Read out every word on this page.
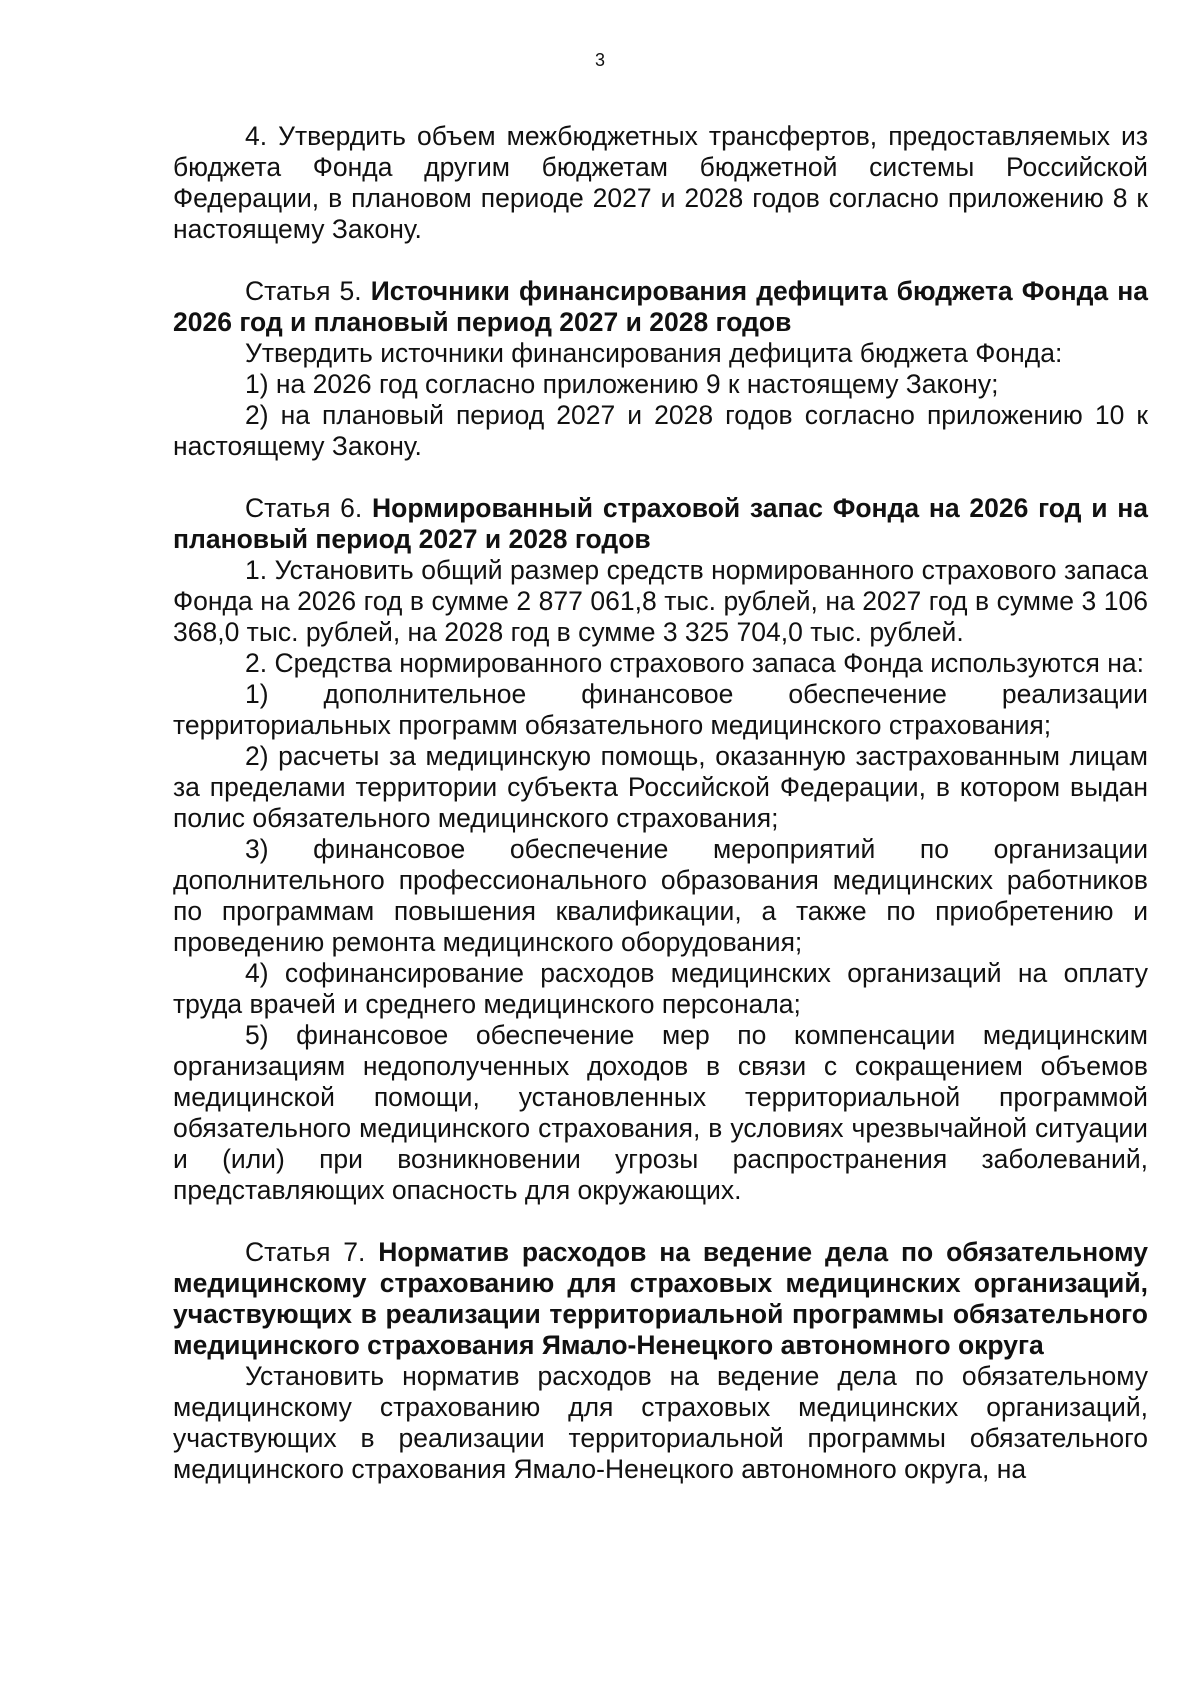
3

4. Утвердить объем межбюджетных трансфертов, предоставляемых из бюджета Фонда другим бюджетам бюджетной системы Российской Федерации, в плановом периоде 2027 и 2028 годов согласно приложению 8 к настоящему Закону.

Статья 5. Источники финансирования дефицита бюджета Фонда на 2026 год и плановый период 2027 и 2028 годов

Утвердить источники финансирования дефицита бюджета Фонда:

1) на 2026 год согласно приложению 9 к настоящему Закону;

2) на плановый период 2027 и 2028 годов согласно приложению 10 к настоящему Закону.

Статья 6. Нормированный страховой запас Фонда на 2026 год и на плановый период 2027 и 2028 годов

1. Установить общий размер средств нормированного страхового запаса Фонда на 2026 год в сумме 2 877 061,8 тыс. рублей, на 2027 год в сумме 3 106 368,0 тыс. рублей, на 2028 год в сумме 3 325 704,0 тыс. рублей.

2. Средства нормированного страхового запаса Фонда используются на:

1) дополнительное финансовое обеспечение реализации территориальных программ обязательного медицинского страхования;

2) расчеты за медицинскую помощь, оказанную застрахованным лицам за пределами территории субъекта Российской Федерации, в котором выдан полис обязательного медицинского страхования;

3) финансовое обеспечение мероприятий по организации дополнительного профессионального образования медицинских работников по программам повышения квалификации, а также по приобретению и проведению ремонта медицинского оборудования;

4) софинансирование расходов медицинских организаций на оплату труда врачей и среднего медицинского персонала;

5) финансовое обеспечение мер по компенсации медицинским организациям недополученных доходов в связи с сокращением объемов медицинской помощи, установленных территориальной программой обязательного медицинского страхования, в условиях чрезвычайной ситуации и (или) при возникновении угрозы распространения заболеваний, представляющих опасность для окружающих.

Статья 7. Норматив расходов на ведение дела по обязательному медицинскому страхованию для страховых медицинских организаций, участвующих в реализации территориальной программы обязательного медицинского страхования Ямало-Ненецкого автономного округа

Установить норматив расходов на ведение дела по обязательному медицинскому страхованию для страховых медицинских организаций, участвующих в реализации территориальной программы обязательного медицинского страхования Ямало-Ненецкого автономного округа, на
